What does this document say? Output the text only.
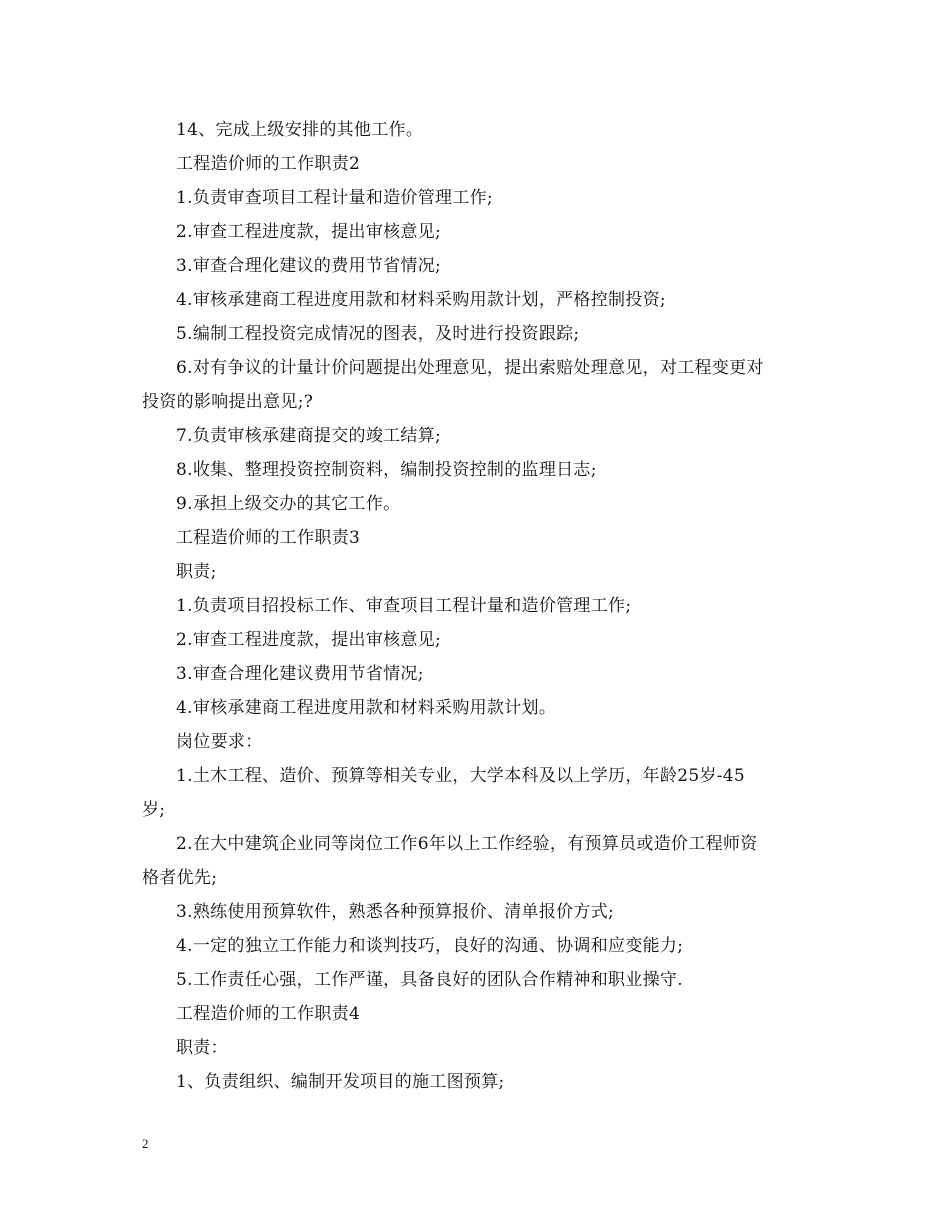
14、完成上级安排的其他工作。
工程造价师的工作职责2
1.负责审查项目工程计量和造价管理工作;
2.审查工程进度款，提出审核意见;
3.审查合理化建议的费用节省情况;
4.审核承建商工程进度用款和材料采购用款计划，严格控制投资;
5.编制工程投资完成情况的图表，及时进行投资跟踪;
6.对有争议的计量计价问题提出处理意见，提出索赔处理意见，对工程变更对
投资的影响提出意见;?
7.负责审核承建商提交的竣工结算;
8.收集、整理投资控制资料，编制投资控制的监理日志;
9.承担上级交办的其它工作。
工程造价师的工作职责3
职责;
1.负责项目招投标工作、审查项目工程计量和造价管理工作;
2.审查工程进度款，提出审核意见;
3.审查合理化建议费用节省情况;
4.审核承建商工程进度用款和材料采购用款计划。
岗位要求：
1.土木工程、造价、预算等相关专业，大学本科及以上学历，年龄25岁-45
岁;
2.在大中建筑企业同等岗位工作6年以上工作经验，有预算员或造价工程师资
格者优先;
3.熟练使用预算软件，熟悉各种预算报价、清单报价方式;
4.一定的独立工作能力和谈判技巧，良好的沟通、协调和应变能力;
5.工作责任心强，工作严谨，具备良好的团队合作精神和职业操守.
工程造价师的工作职责4
职责：
1、负责组织、编制开发项目的施工图预算;
2
